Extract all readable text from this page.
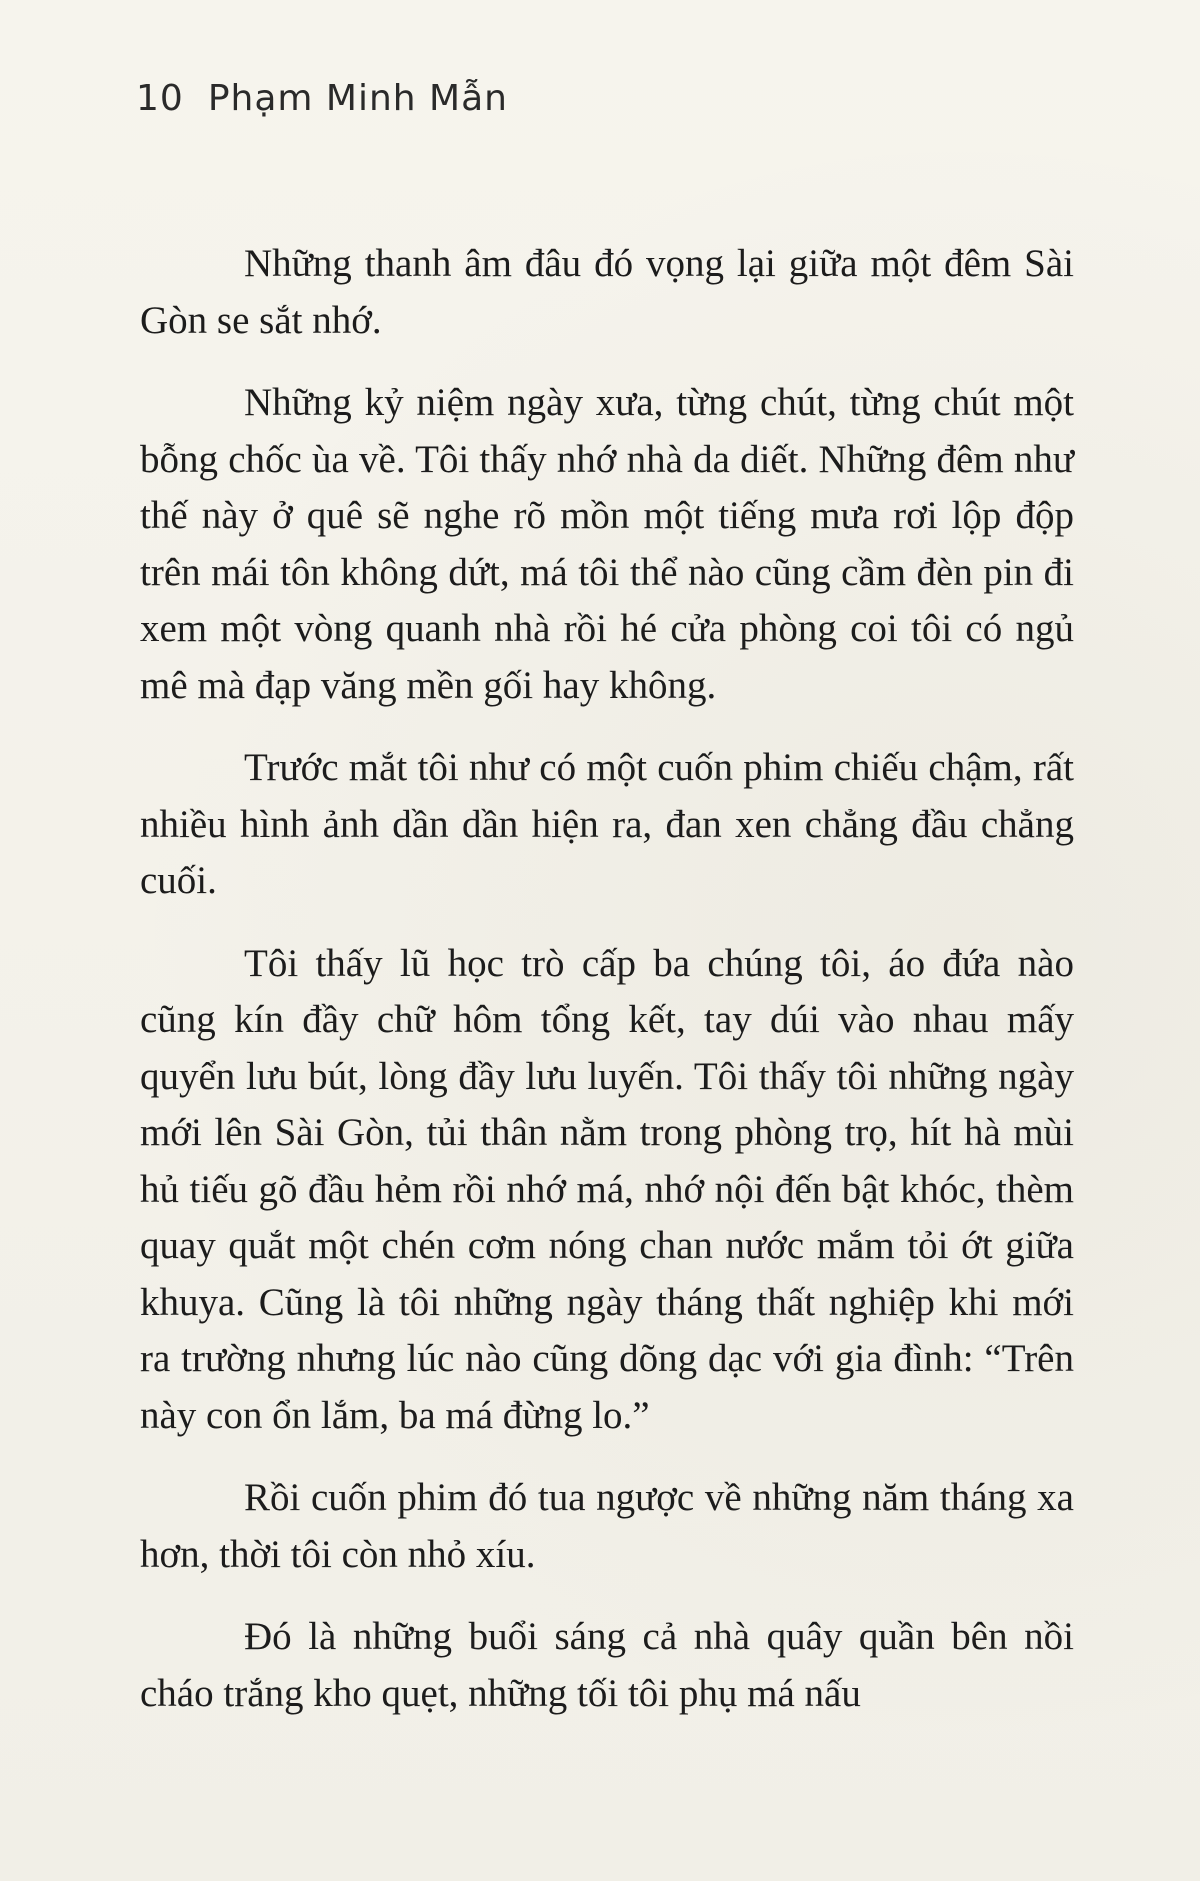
10 Phạm Minh Mẫn

Những thanh âm đâu đó vọng lại giữa một đêm Sài Gòn se sắt nhớ.

Những kỷ niệm ngày xưa, từng chút, từng chút một bỗng chốc ùa về. Tôi thấy nhớ nhà da diết. Những đêm như thế này ở quê sẽ nghe rõ mồn một tiếng mưa rơi lộp độp trên mái tôn không dứt, má tôi thể nào cũng cầm đèn pin đi xem một vòng quanh nhà rồi hé cửa phòng coi tôi có ngủ mê mà đạp văng mền gối hay không.

Trước mắt tôi như có một cuốn phim chiếu chậm, rất nhiều hình ảnh dần dần hiện ra, đan xen chẳng đầu chẳng cuối.

Tôi thấy lũ học trò cấp ba chúng tôi, áo đứa nào cũng kín đầy chữ hôm tổng kết, tay dúi vào nhau mấy quyển lưu bút, lòng đầy lưu luyến. Tôi thấy tôi những ngày mới lên Sài Gòn, tủi thân nằm trong phòng trọ, hít hà mùi hủ tiếu gõ đầu hẻm rồi nhớ má, nhớ nội đến bật khóc, thèm quay quắt một chén cơm nóng chan nước mắm tỏi ớt giữa khuya. Cũng là tôi những ngày tháng thất nghiệp khi mới ra trường nhưng lúc nào cũng dõng dạc với gia đình: “Trên này con ổn lắm, ba má đừng lo.”

Rồi cuốn phim đó tua ngược về những năm tháng xa hơn, thời tôi còn nhỏ xíu.

Đó là những buổi sáng cả nhà quây quần bên nồi cháo trắng kho quẹt, những tối tôi phụ má nấu
